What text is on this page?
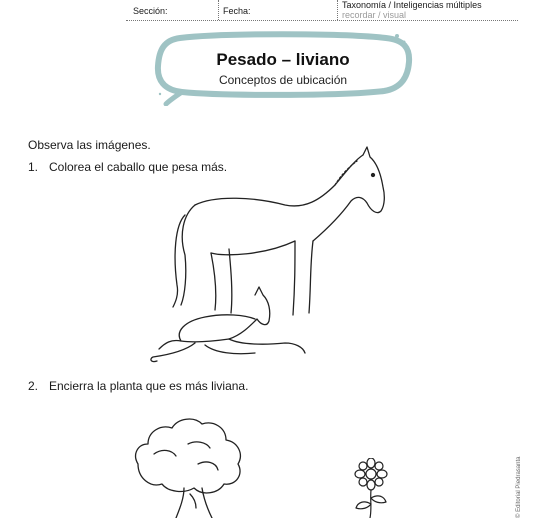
Sección:	Fecha:
Taxonomía / Inteligencias múltiples
recordar / visual
Pesado – liviano
Conceptos de ubicación
Observa las imágenes.
1. Colorea el caballo que pesa más.
2. Encierra la planta que es más liviana.
© Editorial Piedrasanta
